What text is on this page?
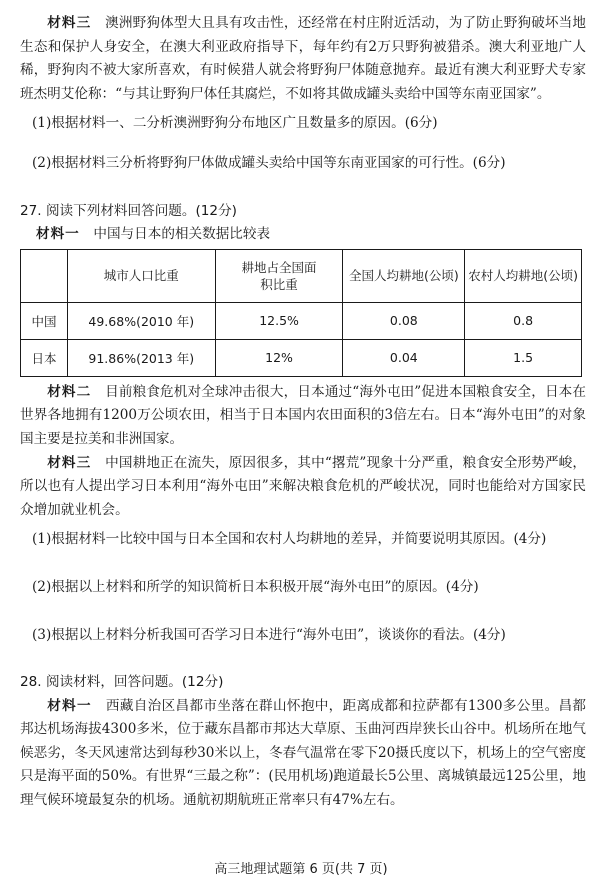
材料三　 澳洲野狗体型大且具有攻击性，还经常在村庄附近活动，为了防止野狗破坏当地生态和保护人身安全，在澳大利亚政府指导下，每年约有2万只野狗被猎杀。澳大利亚地广人稀，野狗肉不被大家所喜欢，有时候猎人就会将野狗尸体随意抛弃。最近有澳大利亚野犬专家班杰明艾伦称：“与其让野狗尸体任其腐烂，不如将其做成罐头卖给中国等东南亚国家”。

(1)根据材料一、二分析澳洲野狗分布地区广且数量多的原因。(6分)

(2)根据材料三分析将野狗尸体做成罐头卖给中国等东南亚国家的可行性。(6分)

27. 阅读下列材料回答问题。(12分)

材料一　 中国与日本的相关数据比较表

	城市人口比重	耕地占全国面积比重	全国人均耕地(公顷)	农村人均耕地(公顷)
中国	49.68%(2010 年)	12.5%	0.08	0.8
日本	91.86%(2013 年)	12%	0.04	1.5

材料二　 目前粮食危机对全球冲击很大，日本通过“海外屯田”促进本国粮食安全，日本在世界各地拥有1200万公顷农田，相当于日本国内农田面积的3倍左右。日本“海外屯田”的对象国主要是拉美和非洲国家。

材料三　 中国耕地正在流失，原因很多，其中“撂荒”现象十分严重，粮食安全形势严峻，所以也有人提出学习日本利用“海外屯田”来解决粮食危机的严峻状况，同时也能给对方国家民众增加就业机会。

(1)根据材料一比较中国与日本全国和农村人均耕地的差异，并简要说明其原因。(4分)

(2)根据以上材料和所学的知识简析日本积极开展“海外屯田”的原因。(4分)

(3)根据以上材料分析我国可否学习日本进行“海外屯田”，谈谈你的看法。(4分)

28. 阅读材料，回答问题。(12分)

材料一　 西藏自治区昌都市坐落在群山怀抱中，距离成都和拉萨都有1300多公里。昌都邦达机场海拔4300多米，位于藏东昌都市邦达大草原、玉曲河西岸狭长山谷中。机场所在地气候恶劣，冬天风速常达到每秒30米以上，冬春气温常在零下20摄氏度以下，机场上的空气密度只是海平面的50%。有世界“三最之称”：(民用机场)跑道最长5公里、离城镇最远125公里，地理气候环境最复杂的机场。通航初期航班正常率只有47%左右。

高三地理试题第 6 页(共 7 页)
